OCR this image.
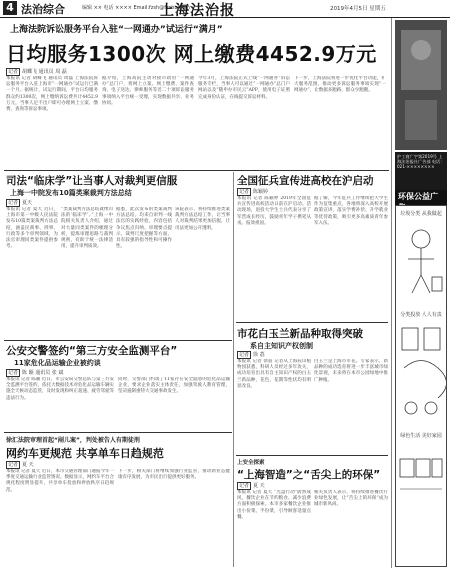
4 法治综合	编辑 ×× 电话 ×××× Email:fzsh@fzshb.com
上海法治报	2019年4月5日 星期五
上海法院诉讼服务平台入驻“一网通办”试运行“满月”
日均服务1300次 网上缴费4452.9万元
记者 胡蝶飞 通讯员 周 磊
本报讯 记者 胡蝶飞 通讯员 周磊 上海法院诉讼服务平台入驻上海市“一网通办”试运行已满一个月。据统计，试运行期间，平台日均服务群众约1300次，网上缴纳诉讼费共计4452.9万元，当事人足不出户即可办理网上立案、缴费、查询等诉讼事项。
据介绍，上海高院主动对接市政府“一网通办”总门户，将网上立案、网上缴费、案件查询、电子送达、律师服务等近二十项诉讼服务事项纳入平台统一受理，实现数据共享、业务协同。
今年3月，上海法院正式上线“一网通办”诉讼服务专栏，当事人可以通过“一网通办”总门户网站以及“随申办市民云”APP，使用电子证照完成身份认证，在线提交诉讼材料。
下一步，上海法院将进一步优化平台功能，扩大服务范围，推动更多诉讼服务事项实现“一网通办”，让数据多跑路、群众少跑腿。
司法“临床学”让当事人对裁判更信服
上海一中院发布10篇类案裁判方法总结
记者 夏天
本报讯 记者 夏天 近日，上海市第一中级人民法院发布10篇类案裁判方法总结，涵盖民商事、刑事、行政等多个审判领域，为法官审理同类案件提供参考。
“类案裁判方法总结就像司法的‘临床学’。”上海一中院相关负责人介绍，通过对大量同类案件的梳理分析，提炼审理思路与裁判规则，有助于统一法律适用，提升审判质效。
据悉，此次发布的类案裁判方法总结，均来自审判一线法官的实践经验，内容包括争议焦点归纳、审理要点提示、裁判尺度把握等方面，具有较强的指导性和可操作性。
该院表示，将持续推进类案裁判方法总结工作，让当事人对裁判结果更加信服，让司法更加公开透明。
全国征兵宣传进高校在沪启动
记者 陈颖婷
本报讯 记者 陈颖婷 2019年全国征兵宣传进高校活动日前在沪启动。活动现场，退役大学生士兵代表分享了军营成长经历，鼓励青年学子携笔从戎、报效祖国。
据了解，今年征兵工作继续把大学生作为征集重点，各地将深入高校开展政策宣讲，落实学费补偿、升学就业等优待政策，吸引更多高素质青年参军入伍。
市花白玉兰新品种取得突破
系自主知识产权创制
记者 徐 荔
本报讯 记者 徐荔 记者从上海辰山植物园获悉，科研人员经过多年攻关，成功培育出具有自主知识产权的白玉兰新品种，花色、花期等性状均有明显改良。
白玉兰是上海市市花。专家表示，新品种的成功选育将进一步丰富城市绿化景观，未来将在本市公园绿地中推广种植。
公安交警签约“第三方安全监测平台”
11家危化品运输企业被约谈
记者 陈 颖 通讯员 张 斌
本报讯 记者 陈颖 近日，市公安局交警总队与第三方安全监测平台签约，依托大数据技术对危化品运输车辆实施全天候动态监管，及时发现和纠正超速、疲劳驾驶等违法行为。
同时，交警部门约谈了11家存在安全隐患的危化品运输企业，要求企业落实主体责任，加强驾驶人教育管理，坚决遏制重特大交通事故发生。
徐汇法院审理首起“剐儿案”，判处被告人有期徒刑
网约车更规范 共享单车日趋规范
记者 夏 天
本报讯 记者 夏天 近日，本市交通管理部门通报今年一季度交通运输行业监管情况。数据显示，网约车平台合规化程度明显提升，共享单车投放和停放秩序日趋规范。
下一步，相关部门将继续加强行业监管，推动新业态健康有序发展，为市民出行提供更好服务。
上安全探索
“上海智造”之“舌尖上的环保”
记者 夏 天
本报讯 记者 夏天 “光盘行动”蔚然成风，餐饮企业在节约粮食、减少浪费方面积极探索。本市多家餐饮企业推出小份菜、半份菜，引导顾客适量点餐。
相关负责人表示，将持续推进餐饮行业绿色发展，让“舌尖上的环保”成为城市新风尚。
沪工商广字第2019号 上海法治报社广告部 电话：021-××××××××
环保公益广
垃圾分类 从我做起
分类投放 人人有责
绿色生活 美好家园
